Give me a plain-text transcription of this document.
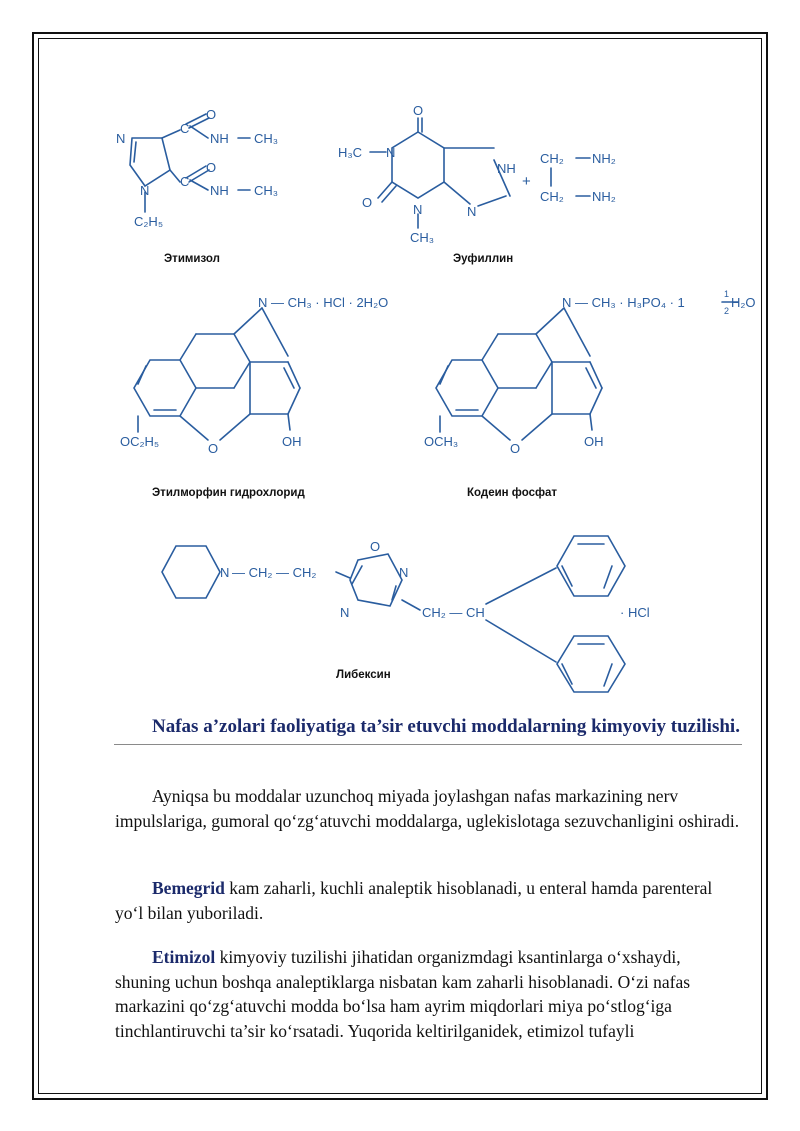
N
N
O
O
C
C
NH
NH
CH₃
CH₃
C₂H₅
O
H₃C N
NH
O	N	N
CH₃
+
CH₂ NH₂
CH₂ NH₂
N — CH₃ · HCl · 2H₂O
OC₂H₅	O	OH
N — CH₃ · H₃PO₄ · 1
1
2
H₂O
OCH₃	O	OH
N — CH₂ — CH₂
O
N
N	CH₂ — CH	· HCl
Этимизол	Эуфиллин
Этилморфин гидрохлорид	Кодеин фосфат
Либексин
Nafas a’zolari faoliyatiga ta’sir etuvchi moddalarning kimyoviy tuzilishi.

Ayniqsa bu moddalar uzunchoq miyada joylashgan nafas markazining nerv impulslariga, gumoral qo‘zg‘atuvchi moddalarga, uglekislotaga sezuvchanligini oshiradi.

Bemegrid kam zaharli, kuchli analeptik hisoblanadi, u enteral hamda parenteral yo‘l bilan yuboriladi.

Etimizol kimyoviy tuzilishi jihatidan organizmdagi ksantinlarga o‘xshaydi, shuning uchun boshqa analeptiklarga nisbatan kam zaharli hisoblanadi. O‘zi nafas markazini qo‘zg‘atuvchi modda bo‘lsa ham ayrim miqdorlari miya po‘stlog‘iga tinchlantiruvchi ta’sir ko‘rsatadi. Yuqorida keltirilganidek, etimizol tufayli
